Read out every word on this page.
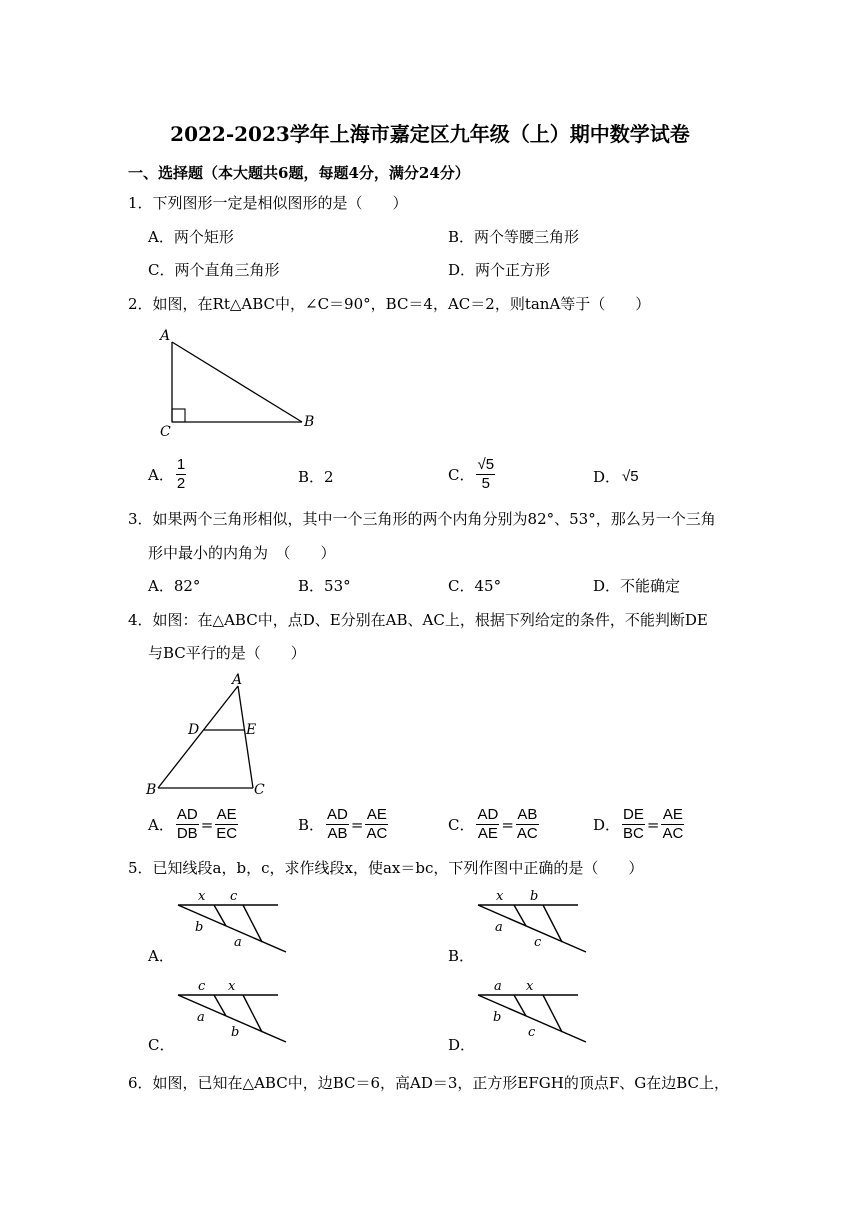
2022-2023学年上海市嘉定区九年级（上）期中数学试卷
一、选择题（本大题共6题，每题4分，满分24分）
1．下列图形一定是相似图形的是（　　）
A．两个矩形	B．两个等腰三角形
C．两个直角三角形	D．两个正方形
2．如图，在Rt△ABC中，∠C＝90°，BC＝4，AC＝2，则tanA等于（　　）
A
C
B
A． $\frac{1}{2}$	B．2	C． $\frac{√5}{5}$	D． √5
3．如果两个三角形相似，其中一个三角形的两个内角分别为82°、53°，那么另一个三角
形中最小的内角为　（　　）
A．82°	B．53°	C．45°	D．不能确定
4．如图：在△ABC中，点D、E分别在AB、AC上，根据下列给定的条件，不能判断DE
与BC平行的是（　　）
A
D	E
B	C
A． $\frac{AD}{DB} = \frac{AE}{EC}$	B． $\frac{AD}{AB} = \frac{AE}{AC}$	C． $\frac{AD}{AE} = \frac{AB}{AC}$	D． $\frac{DE}{BC} = \frac{AE}{AC}$
5．已知线段a，b，c，求作线段x，使ax＝bc，下列作图中正确的是（　　）
A．
x c
b
a
B．
x b
a
c
C．
c x
a
b
D．
a x
b
c
6．如图，已知在△ABC中，边BC＝6，高AD＝3，正方形EFGH的顶点F、G在边BC上，
